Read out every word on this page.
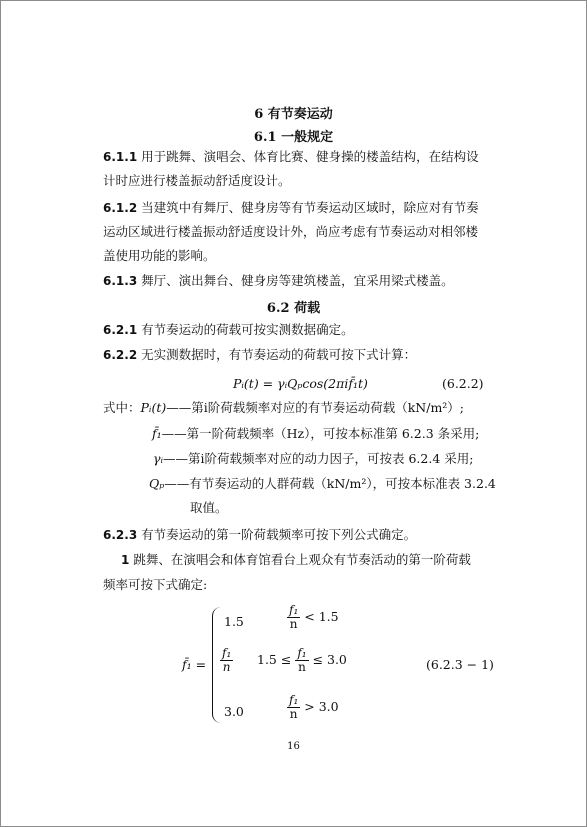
6 有节奏运动
6.1 一般规定
6.1.1 用于跳舞、演唱会、体育比赛、健身操的楼盖结构，在结构设
计时应进行楼盖振动舒适度设计。
6.1.2 当建筑中有舞厅、健身房等有节奏运动区域时，除应对有节奏
运动区域进行楼盖振动舒适度设计外，尚应考虑有节奏运动对相邻楼
盖使用功能的影响。
6.1.3 舞厅、演出舞台、健身房等建筑楼盖，宜采用梁式楼盖。
6.2 荷载
6.2.1 有节奏运动的荷载可按实测数据确定。
6.2.2 无实测数据时，有节奏运动的荷载可按下式计算：
Pᵢ(t) = γᵢQₚcos(2πif̄₁t)	(6.2.2)
式中：Pᵢ(t)——第i阶荷载频率对应的有节奏运动荷载（kN/m²）;
f̄₁——第一阶荷载频率（Hz），可按本标准第 6.2.3 条采用;
γᵢ——第i阶荷载频率对应的动力因子，可按表 6.2.4 采用;
Qₚ——有节奏运动的人群荷载（kN/m²），可按本标准表 3.2.4
取值。
6.2.3 有节奏运动的第一阶荷载频率可按下列公式确定。
1 跳舞、在演唱会和体育馆看台上观众有节奏活动的第一阶荷载
频率可按下式确定:
f̄₁ =
1.5	$\frac{\text{f₁}}{n} < 1.5$
$\frac{\text{f₁}}{n} 1.5 \le \frac{\text{f₁}}{n} \le 3.0$	(6.2.3 − 1)
3.0	$\frac{\text{f₁}}{n} > 3.0$
16
